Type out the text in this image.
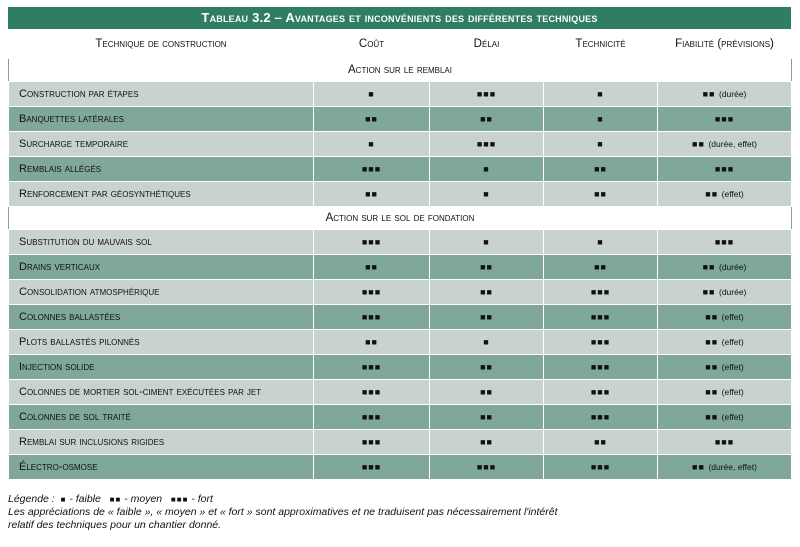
Tableau 3.2 – Avantages et inconvénients des différentes techniques
Technique de construction	Coût	Délai	Technicité	Fiabilité (prévisions)
Action sur le remblai				
Construction par étapes	■	■■■	■	■■ (durée)
Banquettes latérales	■■	■■	■	■■■
Surcharge temporaire	■	■■■	■	■■ (durée, effet)
Remblais allégés	■■■	■	■■	■■■
Renforcement par géosynthétiques	■■	■	■■	■■ (effet)
Action sur le sol de fondation				
Substitution du mauvais sol	■■■	■	■	■■■
Drains verticaux	■■	■■	■■	■■ (durée)
Consolidation atmosphérique	■■■	■■	■■■	■■ (durée)
Colonnes ballastées	■■■	■■	■■■	■■ (effet)
Plots ballastés pilonnés	■■	■	■■■	■■ (effet)
Injection solide	■■■	■■	■■■	■■ (effet)
Colonnes de mortier sol-ciment exécutées par jet	■■■	■■	■■■	■■ (effet)
Colonnes de sol traité	■■■	■■	■■■	■■ (effet)
Remblai sur inclusions rigides	■■■	■■	■■	■■■
Électro-osmose	■■■	■■■	■■■	■■ (durée, effet)
Légende : ■ - faible ■■ - moyen ■■■ - fort
Les appréciations de « faible », « moyen » et « fort » sont approximatives et ne traduisent pas nécessairement l'intérêt
relatif des techniques pour un chantier donné.
